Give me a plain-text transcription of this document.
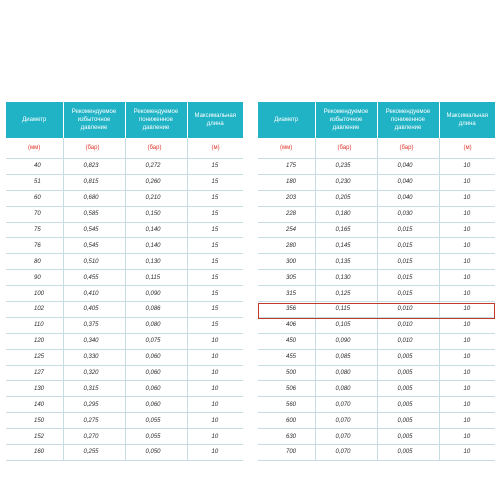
Диаметр	Рекомендуемое избыточное давление	Рекомендуемое пониженное давление	Максимальная длина
(мм)	(бар)	(бар)	(м)
40	0,823	0,272	15
51	0,815	0,260	15
60	0,680	0,210	15
70	0,585	0,150	15
75	0,545	0,140	15
76	0,545	0,140	15
80	0,510	0,130	15
90	0,455	0,115	15
100	0,410	0,090	15
102	0,405	0,086	15
110	0,375	0,080	15
120	0,340	0,075	10
125	0,330	0,060	10
127	0,320	0,060	10
130	0,315	0,060	10
140	0,295	0,060	10
150	0,275	0,055	10
152	0,270	0,055	10
160	0,255	0,050	10
Диаметр	Рекомендуемое избыточное давление	Рекомендуемое пониженное давление	Максимальная длина
(мм)	(бар)	(бар)	(м)
175	0,235	0,040	10
180	0,230	0,040	10
203	0,205	0,040	10
228	0,180	0,030	10
254	0,165	0,015	10
280	0,145	0,015	10
300	0,135	0,015	10
305	0,130	0,015	10
315	0,125	0,015	10
356	0,115	0,010	10
406	0,105	0,010	10
450	0,090	0,010	10
455	0,085	0,005	10
500	0,080	0,005	10
506	0,080	0,005	10
560	0,070	0,005	10
600	0,070	0,005	10
630	0,070	0,005	10
700	0,070	0,005	10
